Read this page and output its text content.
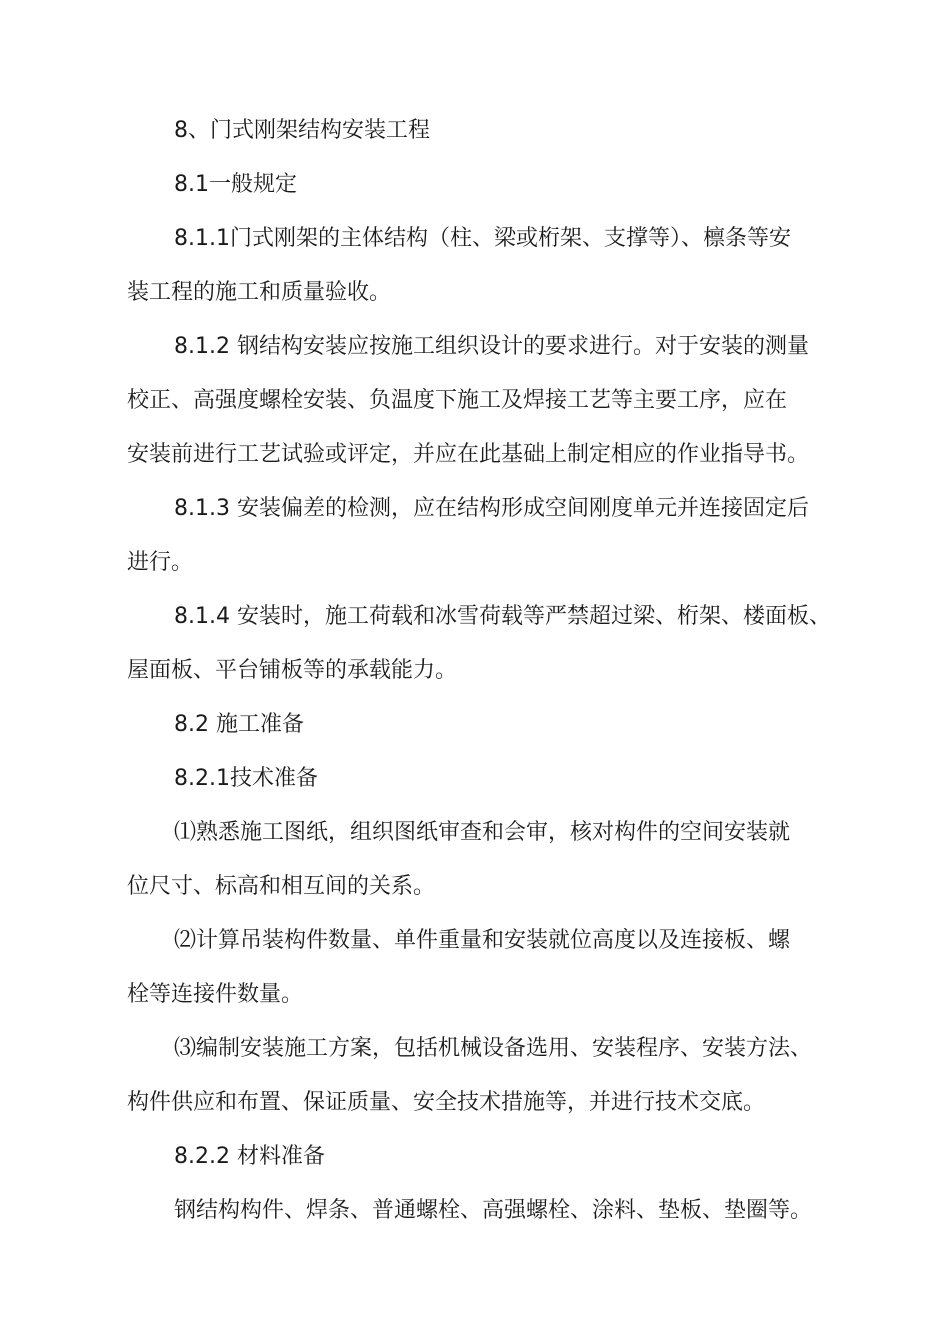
8、门式刚架结构安装工程
8.1一般规定
8.1.1门式刚架的主体结构（柱、梁或桁架、支撑等）、檩条等安
装工程的施工和质量验收。
8.1.2 钢结构安装应按施工组织设计的要求进行。对于安装的测量
校正、高强度螺栓安装、负温度下施工及焊接工艺等主要工序，应在
安装前进行工艺试验或评定，并应在此基础上制定相应的作业指导书。
8.1.3 安装偏差的检测，应在结构形成空间刚度单元并连接固定后
进行。
8.1.4 安装时，施工荷载和冰雪荷载等严禁超过梁、桁架、楼面板、
屋面板、平台铺板等的承载能力。
8.2 施工准备
8.2.1技术准备
⑴熟悉施工图纸，组织图纸审查和会审，核对构件的空间安装就
位尺寸、标高和相互间的关系。
⑵计算吊装构件数量、单件重量和安装就位高度以及连接板、螺
栓等连接件数量。
⑶编制安装施工方案，包括机械设备选用、安装程序、安装方法、
构件供应和布置、保证质量、安全技术措施等，并进行技术交底。
8.2.2 材料准备
钢结构构件、焊条、普通螺栓、高强螺栓、涂料、垫板、垫圈等。
